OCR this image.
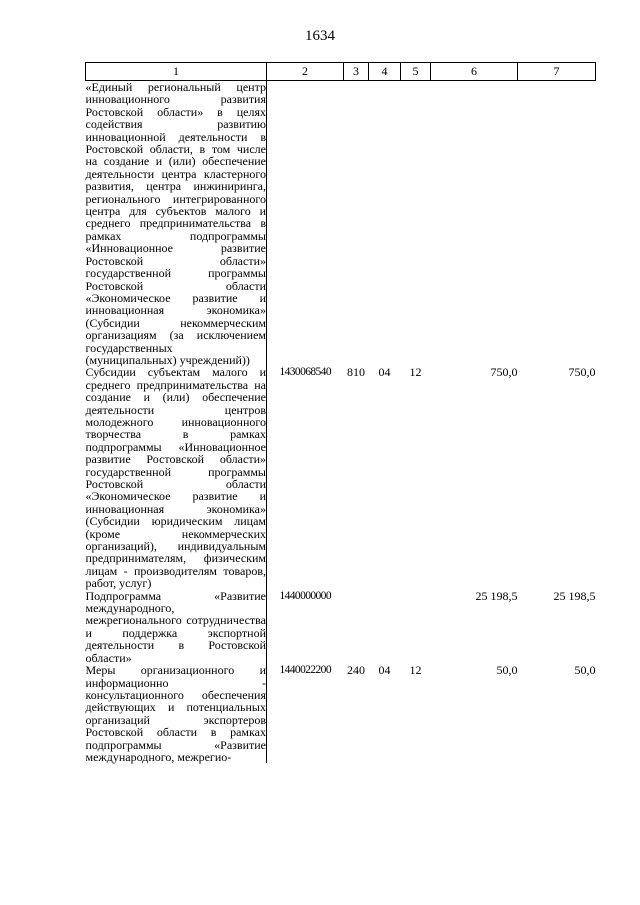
1634
1	2	3	4	5	6	7
«Единый региональный центр инновационного развития Ростовской области» в целях содействия развитию инновационной деятельности в Ростовской области, в том числе на создание и (или) обеспечение деятельности центра кластерного развития, центра инжиниринга, регионального интегрированного центра для субъектов малого и среднего предпринимательства в рамках подпрограммы «Инновационное развитие Ростовской области» государственной программы Ростовской области «Экономическое развитие и инновационная экономика» (Субсидии некоммерческим организациям (за исключением государственных (муниципальных) учреждений))						
Субсидии субъектам малого и среднего предпринимательства на создание и (или) обеспечение деятельности центров молодежного инновационного творчества в рамках подпрограммы «Инновационное развитие Ростовской области» государственной программы Ростовской области «Экономическое развитие и инновационная экономика» (Субсидии юридическим лицам (кроме некоммерческих организаций), индивидуальным предпринимателям, физическим лицам - производителям товаров, работ, услуг)	1430068540	810	04	12	750,0	750,0
Подпрограмма «Развитие международного, межрегионального сотрудничества и поддержка экспортной деятельности в Ростовской области»	1440000000				25 198,5	25 198,5
Меры организационного и информационно - консультационного обеспечения действующих и потенциальных организаций экспортеров Ростовской области в рамках подпрограммы «Развитие международного, межрегио-	1440022200	240	04	12	50,0	50,0
